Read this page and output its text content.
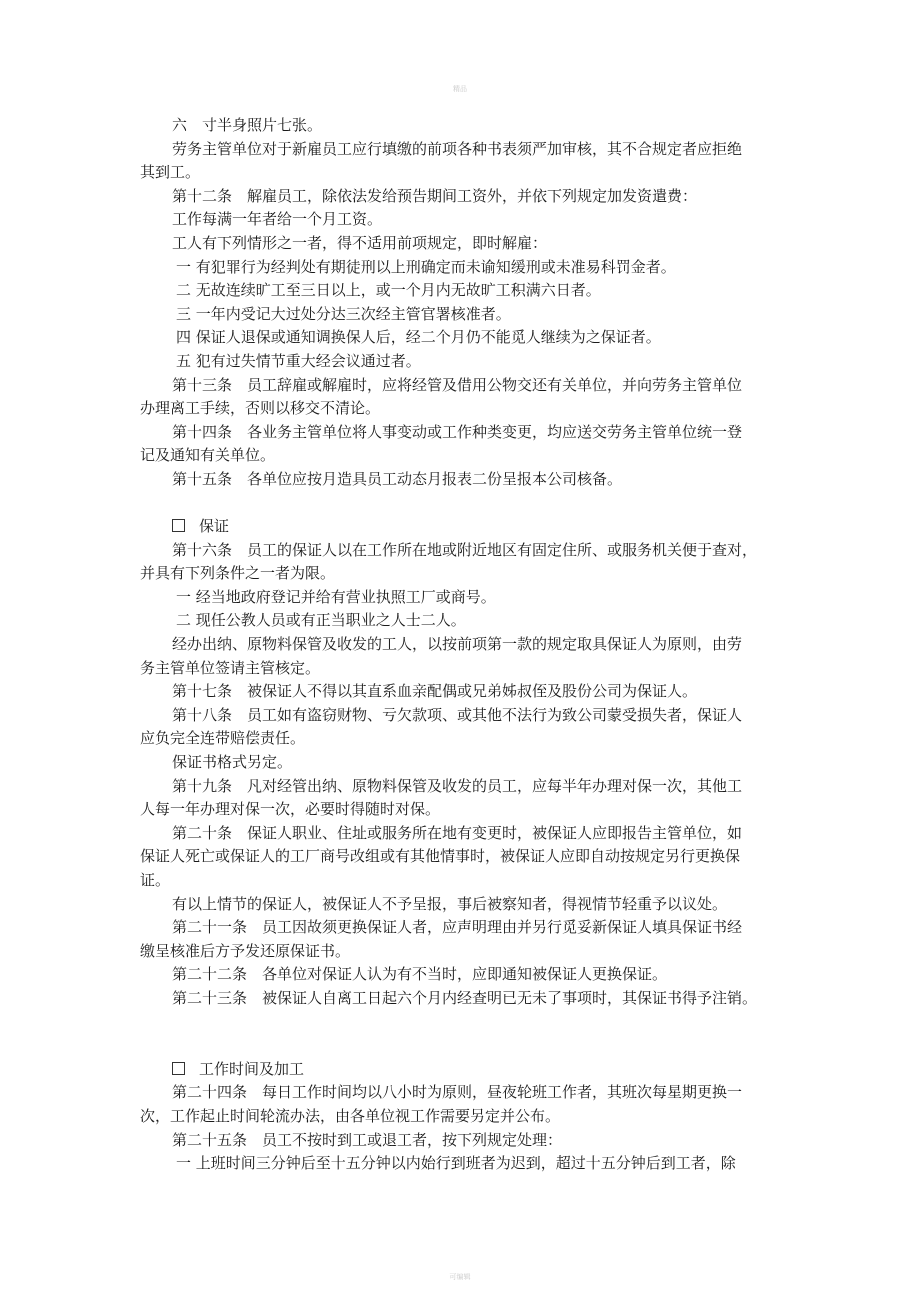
精品
六　寸半身照片七张。
劳务主管单位对于新雇员工应行填缴的前项各种书表须严加审核，其不合规定者应拒绝
其到工。
第十二条　解雇员工，除依法发给预告期间工资外，并依下列规定加发资遣费：
工作每满一年者给一个月工资。
工人有下列情形之一者，得不适用前项规定，即时解雇：
一 有犯罪行为经判处有期徒刑以上刑确定而未谕知缓刑或未准易科罚金者。
二 无故连续旷工至三日以上，或一个月内无故旷工积满六日者。
三 一年内受记大过处分达三次经主管官署核准者。
四 保证人退保或通知调换保人后，经二个月仍不能觅人继续为之保证者。
五 犯有过失情节重大经会议通过者。
第十三条　员工辞雇或解雇时，应将经管及借用公物交还有关单位，并向劳务主管单位
办理离工手续，否则以移交不清论。
第十四条　各业务主管单位将人事变动或工作种类变更，均应送交劳务主管单位统一登
记及通知有关单位。
第十五条　各单位应按月造具员工动态月报表二份呈报本公司核备。
保证
第十六条　员工的保证人以在工作所在地或附近地区有固定住所、或服务机关便于查对，
并具有下列条件之一者为限。
一 经当地政府登记并给有营业执照工厂或商号。
二 现任公教人员或有正当职业之人士二人。
经办出纳、原物料保管及收发的工人，以按前项第一款的规定取具保证人为原则，由劳
务主管单位签请主管核定。
第十七条　被保证人不得以其直系血亲配偶或兄弟姊叔侄及股份公司为保证人。
第十八条　员工如有盗窃财物、亏欠款项、或其他不法行为致公司蒙受损失者，保证人
应负完全连带赔偿责任。
保证书格式另定。
第十九条　凡对经管出纳、原物料保管及收发的员工，应每半年办理对保一次，其他工
人每一年办理对保一次，必要时得随时对保。
第二十条　保证人职业、住址或服务所在地有变更时，被保证人应即报告主管单位，如
保证人死亡或保证人的工厂商号改组或有其他情事时，被保证人应即自动按规定另行更换保
证。
有以上情节的保证人，被保证人不予呈报，事后被察知者，得视情节轻重予以议处。
第二十一条　员工因故须更换保证人者，应声明理由并另行觅妥新保证人填具保证书经
缴呈核准后方予发还原保证书。
第二十二条　各单位对保证人认为有不当时，应即通知被保证人更换保证。
第二十三条　被保证人自离工日起六个月内经查明已无未了事项时，其保证书得予注销。
工作时间及加工
第二十四条　每日工作时间均以八小时为原则，昼夜轮班工作者，其班次每星期更换一
次，工作起止时间轮流办法，由各单位视工作需要另定并公布。
第二十五条　员工不按时到工或退工者，按下列规定处理：
一 上班时间三分钟后至十五分钟以内始行到班者为迟到，超过十五分钟后到工者，除
可编辑
